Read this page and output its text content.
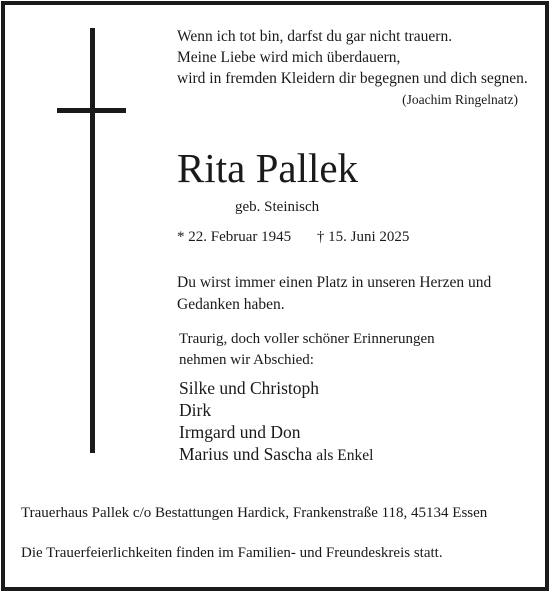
Wenn ich tot bin, darfst du gar nicht trauern.
Meine Liebe wird mich überdauern,
wird in fremden Kleidern dir begegnen und dich segnen.
(Joachim Ringelnatz)
Rita Pallek
geb. Steinisch
* 22. Februar 1945 † 15. Juni 2025
Du wirst immer einen Platz in unseren Herzen und
Gedanken haben.
Traurig, doch voller schöner Erinnerungen
nehmen wir Abschied:
Silke und Christoph
Dirk
Irmgard und Don
Marius und Sascha als Enkel
Trauerhaus Pallek c/o Bestattungen Hardick, Frankenstraße 118, 45134 Essen
Die Trauerfeierlichkeiten finden im Familien- und Freundeskreis statt.
